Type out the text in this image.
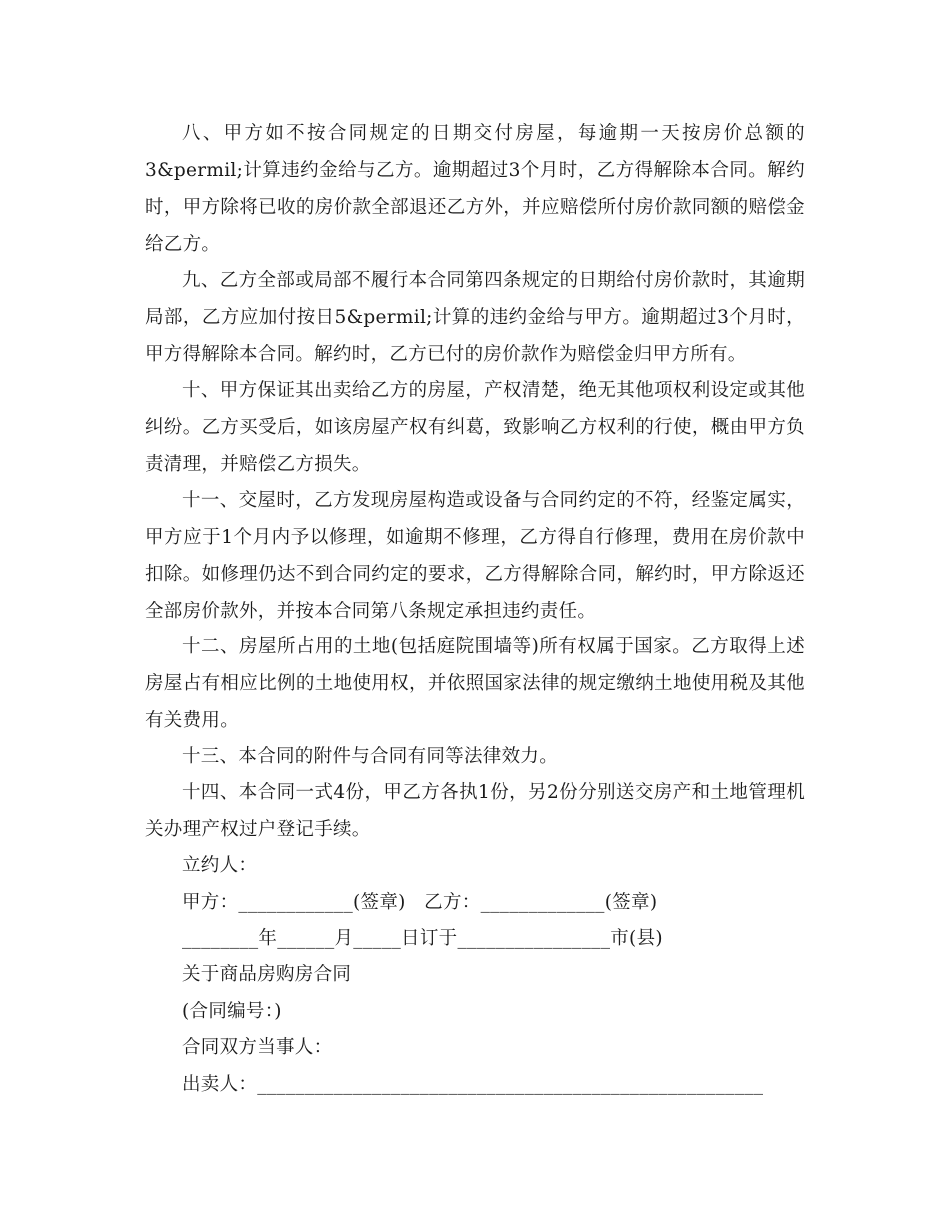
八、甲方如不按合同规定的日期交付房屋，每逾期一天按房价总额的3&permil;计算违约金给与乙方。逾期超过3个月时，乙方得解除本合同。解约时，甲方除将已收的房价款全部退还乙方外，并应赔偿所付房价款同额的赔偿金给乙方。

九、乙方全部或局部不履行本合同第四条规定的日期给付房价款时，其逾期局部，乙方应加付按日5&permil;计算的违约金给与甲方。逾期超过3个月时，甲方得解除本合同。解约时，乙方已付的房价款作为赔偿金归甲方所有。

十、甲方保证其出卖给乙方的房屋，产权清楚，绝无其他项权利设定或其他纠纷。乙方买受后，如该房屋产权有纠葛，致影响乙方权利的行使，概由甲方负责清理，并赔偿乙方损失。

十一、交屋时，乙方发现房屋构造或设备与合同约定的不符，经鉴定属实，甲方应于1个月内予以修理，如逾期不修理，乙方得自行修理，费用在房价款中扣除。如修理仍达不到合同约定的要求，乙方得解除合同，解约时，甲方除返还全部房价款外，并按本合同第八条规定承担违约责任。

十二、房屋所占用的土地(包括庭院围墙等)所有权属于国家。乙方取得上述房屋占有相应比例的土地使用权，并依照国家法律的规定缴纳土地使用税及其他有关费用。

十三、本合同的附件与合同有同等法律效力。

十四、本合同一式4份，甲乙方各执1份，另2份分别送交房产和土地管理机关办理产权过户登记手续。

立约人：

甲方：____________(签章)   乙方：_____________(签章)

________年______月_____日订于________________市(县)

关于商品房购房合同

(合同编号：)

合同双方当事人：

出卖人：_____________________________________________________
